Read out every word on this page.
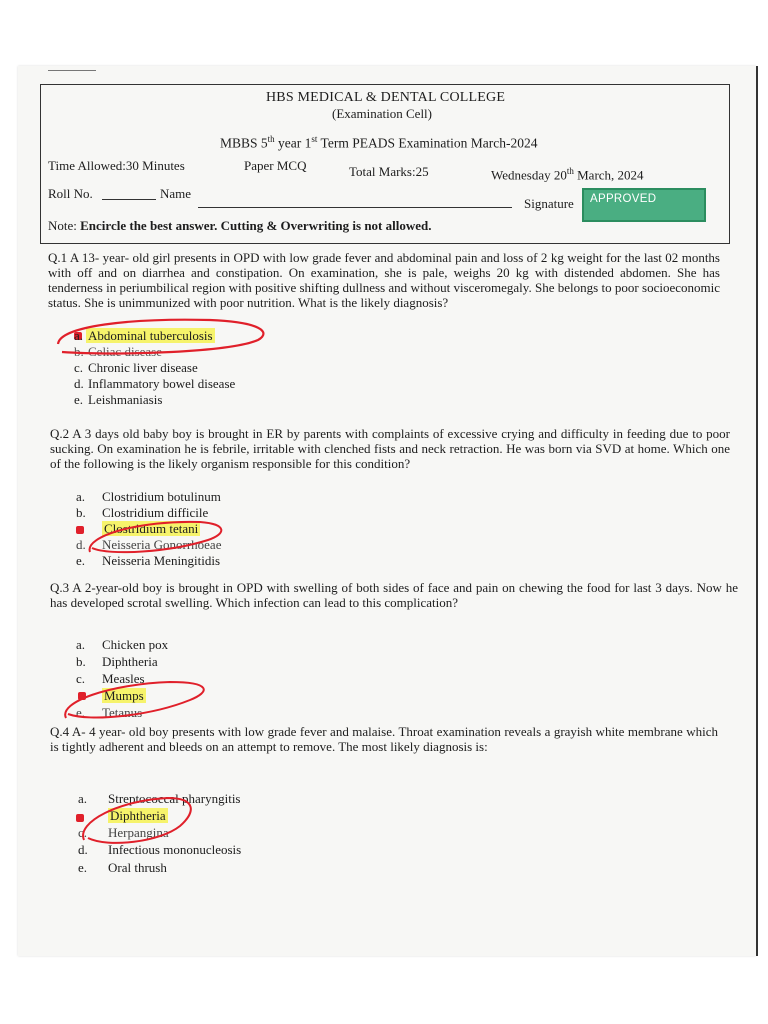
HBS MEDICAL & DENTAL COLLEGE
(Examination Cell)
MBBS 5th year 1st Term PEADS Examination March-2024
Time Allowed:30 Minutes	Paper MCQ	Total Marks:25	Wednesday 20th March, 2024
Roll No.	Name
Signature	APPROVED
Note: Encircle the best answer. Cutting & Overwriting is not allowed.
Q.1 A 13- year- old girl presents in OPD with low grade fever and abdominal pain and loss of 2 kg weight for the last 02 months with off and on diarrhea and constipation. On examination, she is pale, weighs 20 kg with distended abdomen. She has tenderness in periumbilical region with positive shifting dullness and without visceromegaly. She belongs to poor socioeconomic status. She is unimmunized with poor nutrition. What is the likely diagnosis?
a. Abdominal tuberculosis
b. Celiac disease
c. Chronic liver disease
d. Inflammatory bowel disease
e. Leishmaniasis
Q.2 A 3 days old baby boy is brought in ER by parents with complaints of excessive crying and difficulty in feeding due to poor sucking. On examination he is febrile, irritable with clenched fists and neck retraction. He was born via SVD at home. Which one of the following is the likely organism responsible for this condition?
a. Clostridium botulinum
b. Clostridium difficile
Clostridium tetani
d. Neisseria Gonorrhoeae
e. Neisseria Meningitidis
Q.3 A 2-year-old boy is brought in OPD with swelling of both sides of face and pain on chewing the food for last 3 days. Now he has developed scrotal swelling. Which infection can lead to this complication?
a. Chicken pox
b. Diphtheria
c. Measles
Mumps
e. Tetanus
Q.4 A- 4 year- old boy presents with low grade fever and malaise. Throat examination reveals a grayish white membrane which is tightly adherent and bleeds on an attempt to remove. The most likely diagnosis is:
a. Streptococcal pharyngitis
Diphtheria
c. Herpangina
d. Infectious mononucleosis
e. Oral thrush
